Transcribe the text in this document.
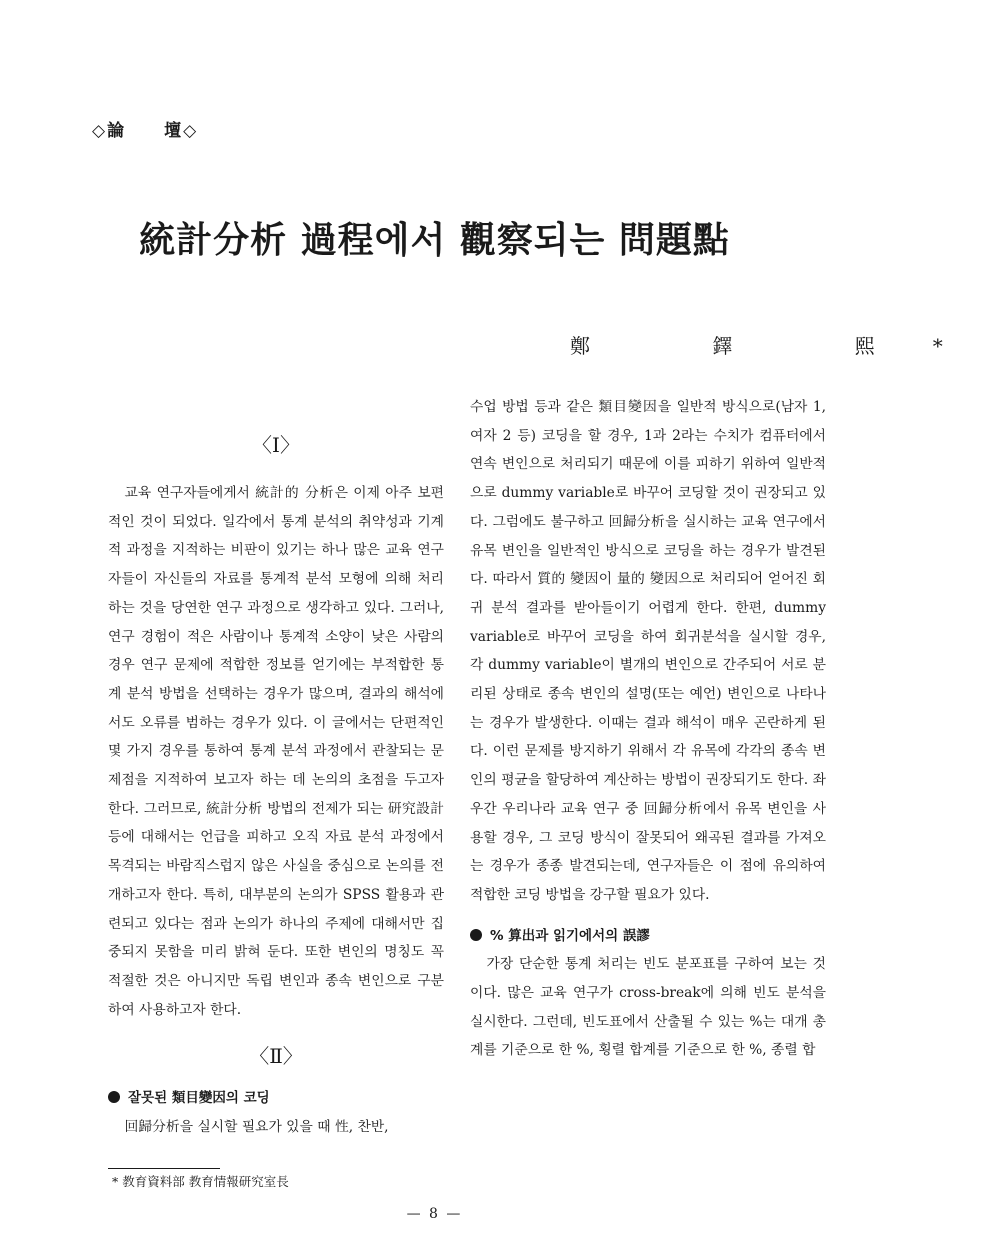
◇論　　壇◇
統計分析 過程에서 觀察되는 問題點
鄭 鐸 熙*

〈Ⅰ〉

교육 연구자들에게서 統計的 分析은 이제 아주 보편적인 것이 되었다. 일각에서 통계 분석의 취약성과 기계적 과정을 지적하는 비판이 있기는 하나 많은 교육 연구자들이 자신들의 자료를 통계적 분석 모형에 의해 처리하는 것을 당연한 연구 과정으로 생각하고 있다. 그러나, 연구 경험이 적은 사람이나 통계적 소양이 낮은 사람의 경우 연구 문제에 적합한 정보를 얻기에는 부적합한 통계 분석 방법을 선택하는 경우가 많으며, 결과의 해석에서도 오류를 범하는 경우가 있다. 이 글에서는 단편적인 몇 가지 경우를 통하여 통계 분석 과정에서 관찰되는 문제점을 지적하여 보고자 하는 데 논의의 초점을 두고자 한다. 그러므로, 統計分析 방법의 전제가 되는 研究設計 등에 대해서는 언급을 피하고 오직 자료 분석 과정에서 목격되는 바람직스럽지 않은 사실을 중심으로 논의를 전개하고자 한다. 특히, 대부분의 논의가 SPSS 활용과 관련되고 있다는 점과 논의가 하나의 주제에 대해서만 집중되지 못함을 미리 밝혀 둔다. 또한 변인의 명칭도 꼭 적절한 것은 아니지만 독립 변인과 종속 변인으로 구분하여 사용하고자 한다.

〈Ⅱ〉

잘못된 類目變因의 코딩

回歸分析을 실시할 필요가 있을 때 性, 찬반,

수업 방법 등과 같은 類目變因을 일반적 방식으로(남자 1, 여자 2 등) 코딩을 할 경우, 1과 2라는 수치가 컴퓨터에서 연속 변인으로 처리되기 때문에 이를 피하기 위하여 일반적으로 dummy variable로 바꾸어 코딩할 것이 권장되고 있다. 그럼에도 불구하고 回歸分析을 실시하는 교육 연구에서 유목 변인을 일반적인 방식으로 코딩을 하는 경우가 발견된다. 따라서 質的 變因이 量的 變因으로 처리되어 얻어진 회귀 분석 결과를 받아들이기 어렵게 한다. 한편, dummy variable로 바꾸어 코딩을 하여 회귀분석을 실시할 경우, 각 dummy variable이 별개의 변인으로 간주되어 서로 분리된 상태로 종속 변인의 설명(또는 예언) 변인으로 나타나는 경우가 발생한다. 이때는 결과 해석이 매우 곤란하게 된다. 이런 문제를 방지하기 위해서 각 유목에 각각의 종속 변인의 평균을 할당하여 계산하는 방법이 권장되기도 한다. 좌우간 우리나라 교육 연구 중 回歸分析에서 유목 변인을 사용할 경우, 그 코딩 방식이 잘못되어 왜곡된 결과를 가져오는 경우가 종종 발견되는데, 연구자들은 이 점에 유의하여 적합한 코딩 방법을 강구할 필요가 있다.

% 算出과 읽기에서의 誤謬

가장 단순한 통계 처리는 빈도 분포표를 구하여 보는 것이다. 많은 교육 연구가 cross-break에 의해 빈도 분석을 실시한다. 그런데, 빈도표에서 산출될 수 있는 %는 대개 총계를 기준으로 한 %, 횡렬 합계를 기준으로 한 %, 종렬 합

* 教育資料部 教育情報研究室長
— 8 —
